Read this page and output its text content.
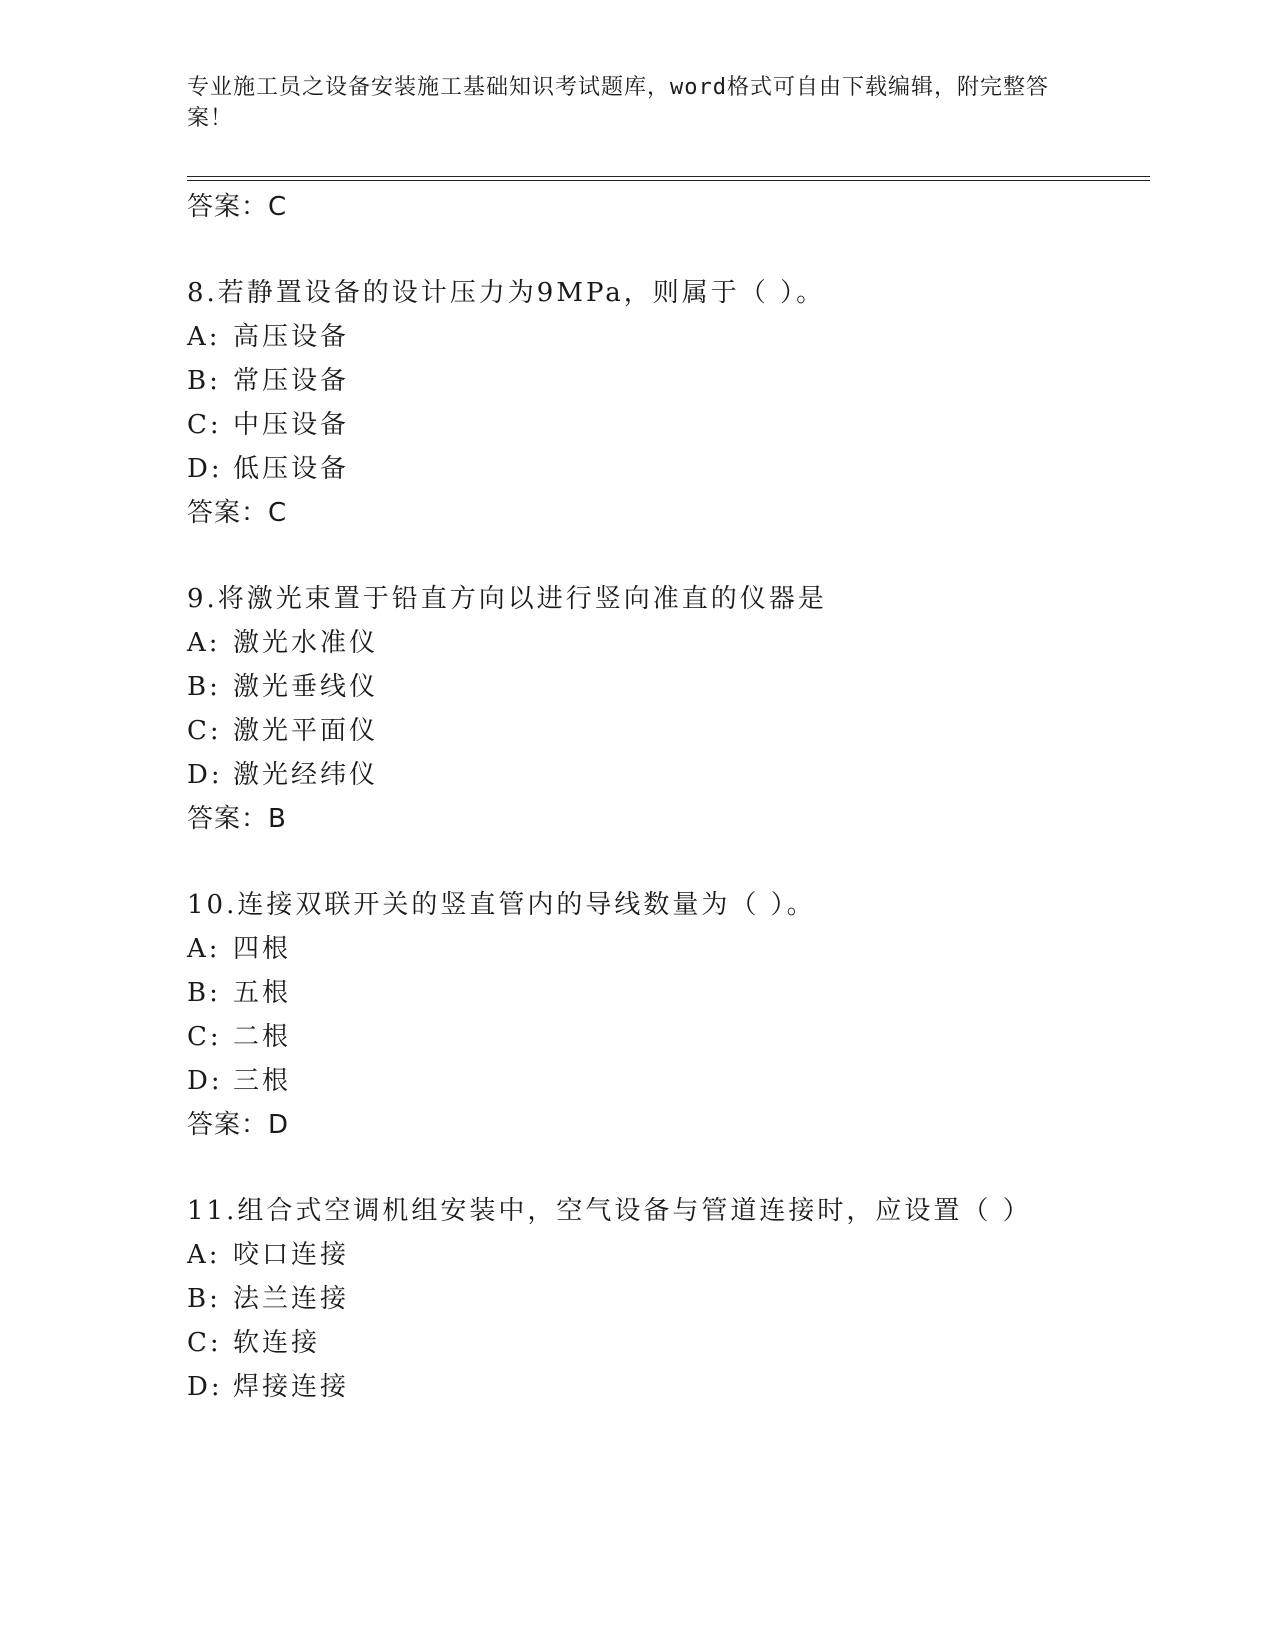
专业施工员之设备安装施工基础知识考试题库，word格式可自由下载编辑，附完整答案！
答案：C
8.若静置设备的设计压力为9MPa，则属于（ ）。
A: 高压设备
B: 常压设备
C: 中压设备
D: 低压设备
答案：C
9.将激光束置于铅直方向以进行竖向准直的仪器是
A: 激光水准仪
B: 激光垂线仪
C: 激光平面仪
D: 激光经纬仪
答案：B
10.连接双联开关的竖直管内的导线数量为（ ）。
A: 四根
B: 五根
C: 二根
D: 三根
答案：D
11.组合式空调机组安装中，空气设备与管道连接时，应设置（ ）
A: 咬口连接
B: 法兰连接
C: 软连接
D: 焊接连接
